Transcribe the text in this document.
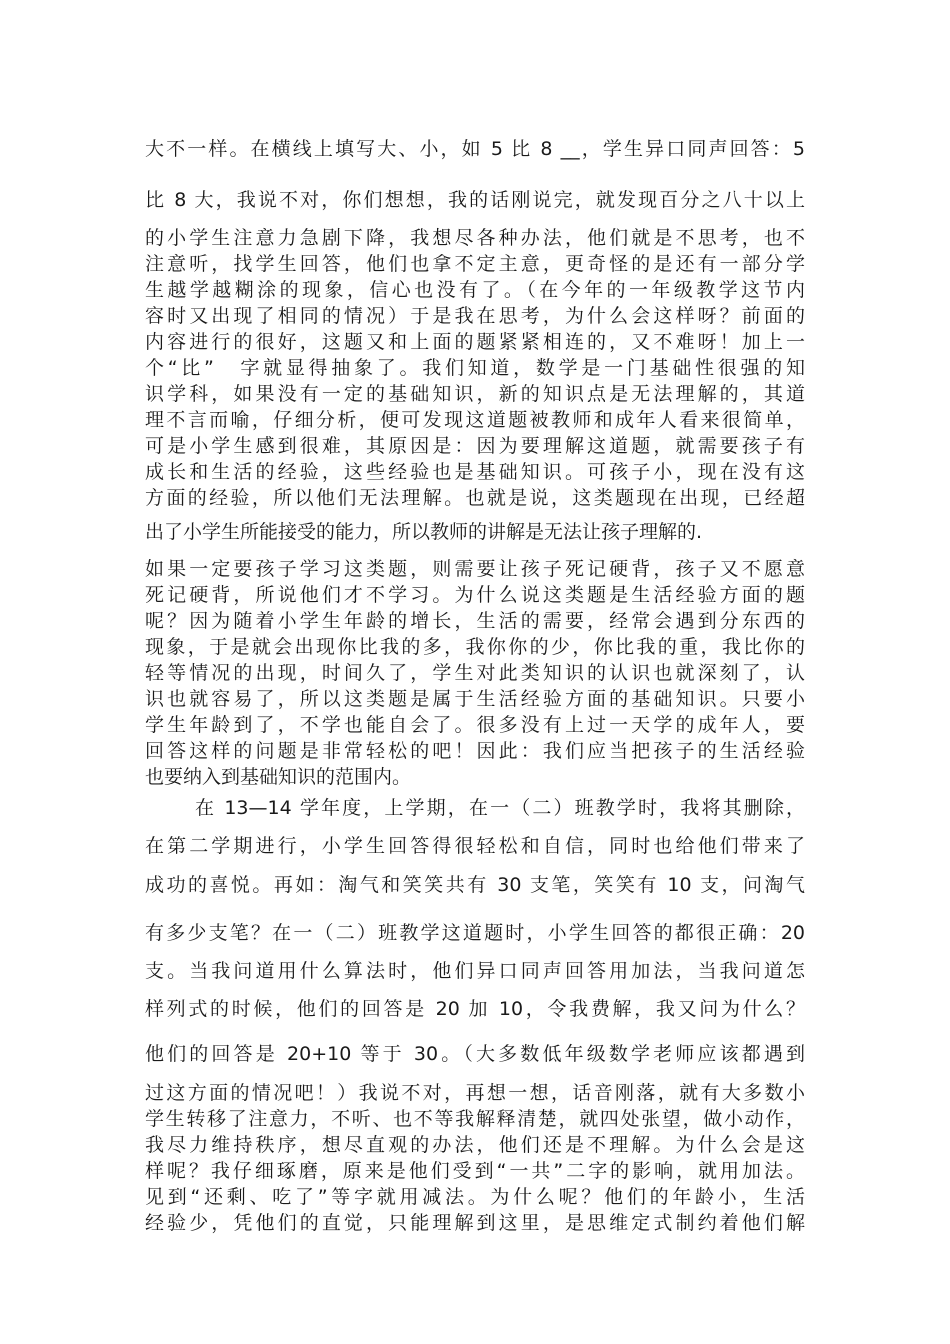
大不一样。在横线上填写大、小，如 5 比 8 __，学生异口同声回答：5
比 8 大，我说不对，你们想想，我的话刚说完，就发现百分之八十以上
的小学生注意力急剧下降，我想尽各种办法，他们就是不思考，也不
注意听，找学生回答，他们也拿不定主意，更奇怪的是还有一部分学
生越学越糊涂的现象，信心也没有了。（在今年的一年级教学这节内
容时又出现了相同的情况）于是我在思考，为什么会这样呀？前面的
内容进行的很好，这题又和上面的题紧紧相连的，又不难呀！加上一
个“比”　字就显得抽象了。我们知道，数学是一门基础性很强的知
识学科，如果没有一定的基础知识，新的知识点是无法理解的，其道
理不言而喻，仔细分析，便可发现这道题被教师和成年人看来很简单，
可是小学生感到很难，其原因是：因为要理解这道题，就需要孩子有
成长和生活的经验，这些经验也是基础知识。可孩子小，现在没有这
方面的经验，所以他们无法理解。也就是说，这类题现在出现，已经超
出了小学生所能接受的能力，所以教师的讲解是无法让孩子理解的.
如果一定要孩子学习这类题，则需要让孩子死记硬背，孩子又不愿意
死记硬背，所说他们才不学习。为什么说这类题是生活经验方面的题
呢？因为随着小学生年龄的增长，生活的需要，经常会遇到分东西的
现象，于是就会出现你比我的多，我你你的少，你比我的重，我比你的
轻等情况的出现，时间久了，学生对此类知识的认识也就深刻了，认
识也就容易了，所以这类题是属于生活经验方面的基础知识。只要小
学生年龄到了，不学也能自会了。很多没有上过一天学的成年人，要
回答这样的问题是非常轻松的吧！因此：我们应当把孩子的生活经验
也要纳入到基础知识的范围内。
在 13—14 学年度，上学期，在一（二）班教学时，我将其删除，
在第二学期进行，小学生回答得很轻松和自信，同时也给他们带来了
成功的喜悦。再如：淘气和笑笑共有 30 支笔，笑笑有 10 支，问淘气
有多少支笔？在一（二）班教学这道题时，小学生回答的都很正确：20
支。当我问道用什么算法时，他们异口同声回答用加法，当我问道怎
样列式的时候，他们的回答是 20 加 10，令我费解，我又问为什么？
他们的回答是 20+10 等于 30。（大多数低年级数学老师应该都遇到
过这方面的情况吧！）我说不对，再想一想，话音刚落，就有大多数小
学生转移了注意力，不听、也不等我解释清楚，就四处张望，做小动作，
我尽力维持秩序，想尽直观的办法，他们还是不理解。为什么会是这
样呢？我仔细琢磨，原来是他们受到“一共”二字的影响，就用加法。
见到“还剩、吃了”等字就用减法。为什么呢？他们的年龄小，生活
经验少，凭他们的直觉，只能理解到这里，是思维定式制约着他们解
